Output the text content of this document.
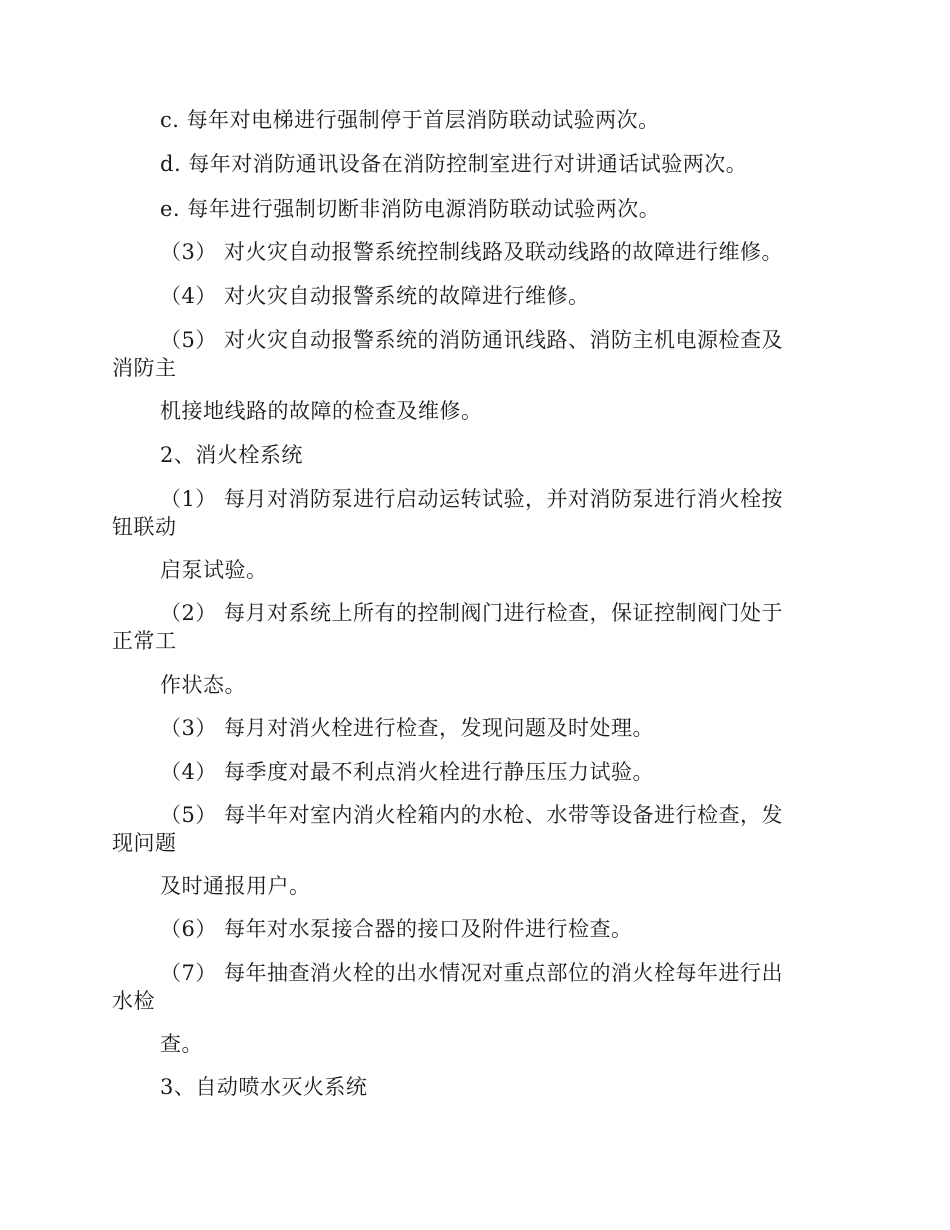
c. 每年对电梯进行强制停于首层消防联动试验两次。
d. 每年对消防通讯设备在消防控制室进行对讲通话试验两次。
e. 每年进行强制切断非消防电源消防联动试验两次。
（3） 对火灾自动报警系统控制线路及联动线路的故障进行维修。
（4） 对火灾自动报警系统的故障进行维修。
（5） 对火灾自动报警系统的消防通讯线路、消防主机电源检查及
消防主
机接地线路的故障的检查及维修。
2、消火栓系统
（1） 每月对消防泵进行启动运转试验，并对消防泵进行消火栓按
钮联动
启泵试验。
（2） 每月对系统上所有的控制阀门进行检查，保证控制阀门处于
正常工
作状态。
（3） 每月对消火栓进行检查，发现问题及时处理。
（4） 每季度对最不利点消火栓进行静压压力试验。
（5） 每半年对室内消火栓箱内的水枪、水带等设备进行检查，发
现问题
及时通报用户。
（6） 每年对水泵接合器的接口及附件进行检查。
（7） 每年抽查消火栓的出水情况对重点部位的消火栓每年进行出
水检
查。
3、自动喷水灭火系统
